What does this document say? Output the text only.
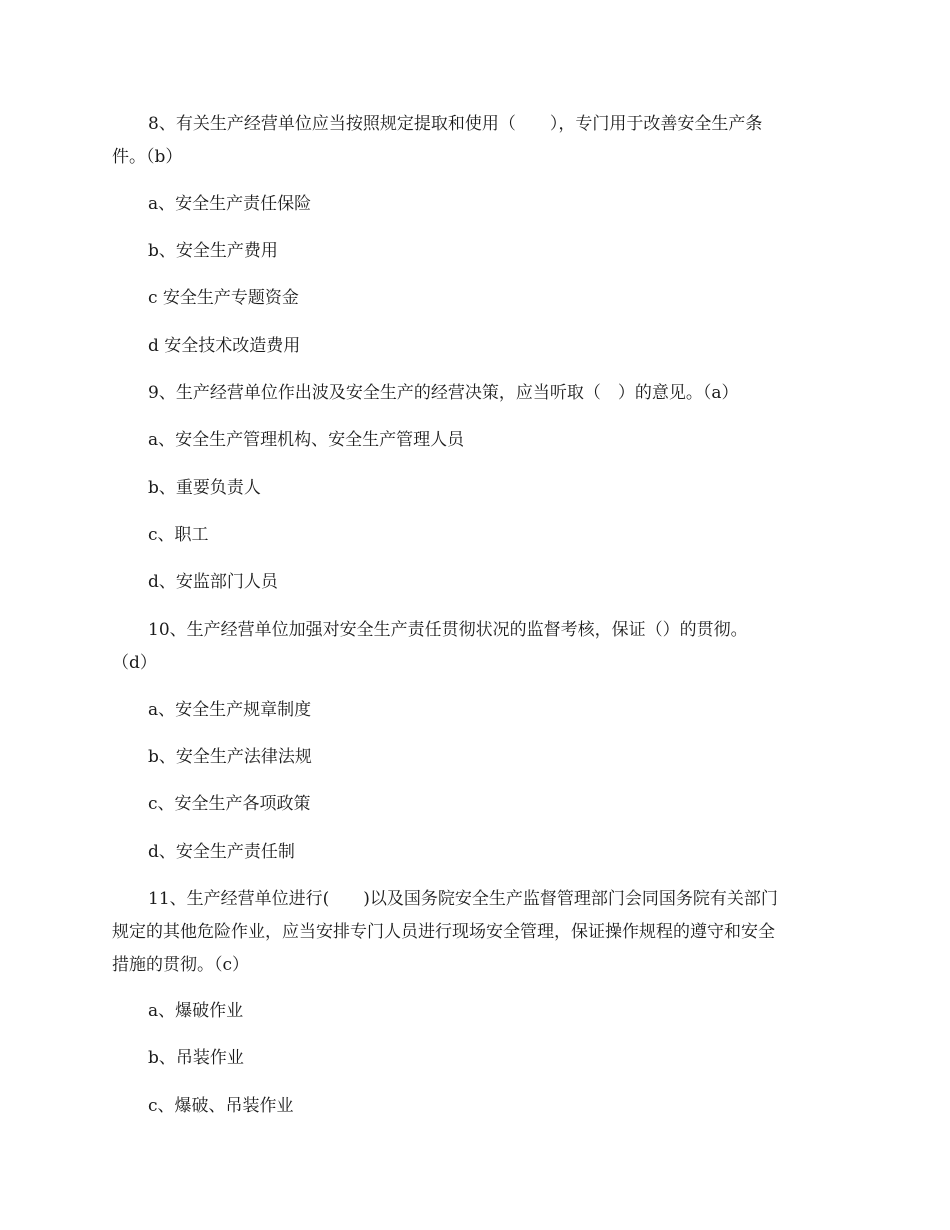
8、有关生产经营单位应当按照规定提取和使用（　　），专门用于改善安全生产条
件。（b）
a、安全生产责任保险
b、安全生产费用
c 安全生产专题资金
d 安全技术改造费用
9、生产经营单位作出波及安全生产的经营决策，应当听取（　）的意见。（a）
a、安全生产管理机构、安全生产管理人员
b、重要负责人
c、职工
d、安监部门人员
10、生产经营单位加强对安全生产责任贯彻状况的监督考核，保证（）的贯彻。
（d）
a、安全生产规章制度
b、安全生产法律法规
c、安全生产各项政策
d、安全生产责任制
11、生产经营单位进行(　　)以及国务院安全生产监督管理部门会同国务院有关部门
规定的其他危险作业，应当安排专门人员进行现场安全管理，保证操作规程的遵守和安全
措施的贯彻。（c）
a、爆破作业
b、吊装作业
c、爆破、吊装作业
